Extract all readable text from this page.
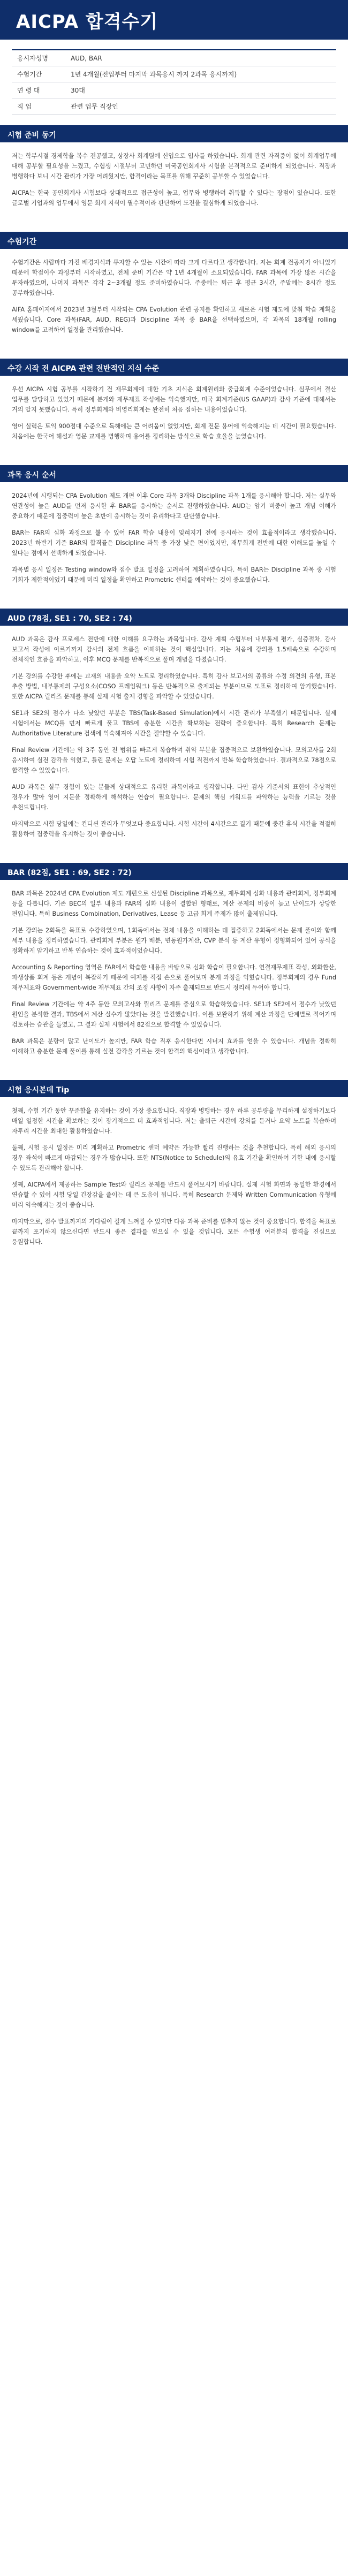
AICPA 합격수기
응시자성명	AUD, BAR
수험기간	1년 4개월(전업부터 마지막 과목응시 까지 2과목 응시까지)
연 령 대	30대
직 업	관련 업무 직장인
시험 준비 동기

저는 학부시절 경제학을 복수 전공했고, 상장사 회계팀에 신입으로 입사를 하였습니다. 회계 관련 자격증이 없어 회계업무에 대해 공부할 필요성을 느꼈고, 수험생 시절부터 고민하던 미국공인회계사 시험을 본격적으로 준비하게 되었습니다. 직장과 병행하다 보니 시간 관리가 가장 어려웠지만, 합격이라는 목표를 위해 꾸준히 공부할 수 있었습니다.

AICPA는 한국 공인회계사 시험보다 상대적으로 접근성이 높고, 업무와 병행하며 취득할 수 있다는 장점이 있습니다. 또한 글로벌 기업과의 업무에서 영문 회계 지식이 필수적이라 판단하여 도전을 결심하게 되었습니다.

수험기간

수험기간은 사람마다 가진 배경지식과 투자할 수 있는 시간에 따라 크게 다르다고 생각합니다. 저는 회계 전공자가 아니었기 때문에 학점이수 과정부터 시작하였고, 전체 준비 기간은 약 1년 4개월이 소요되었습니다. FAR 과목에 가장 많은 시간을 투자하였으며, 나머지 과목은 각각 2~3개월 정도 준비하였습니다. 주중에는 퇴근 후 평균 3시간, 주말에는 8시간 정도 공부하였습니다.

AIFA 홈페이지에서 2023년 3월부터 시작되는 CPA Evolution 관련 공지를 확인하고 새로운 시험 제도에 맞춰 학습 계획을 세웠습니다. Core 과목(FAR, AUD, REG)과 Discipline 과목 중 BAR을 선택하였으며, 각 과목의 18개월 rolling window를 고려하여 일정을 관리했습니다.

수강 시작 전 AICPA 관련 전반적인 지식 수준

우선 AICPA 시험 공부를 시작하기 전 재무회계에 대한 기초 지식은 회계원리와 중급회계 수준이었습니다. 실무에서 결산 업무를 담당하고 있었기 때문에 분개와 재무제표 작성에는 익숙했지만, 미국 회계기준(US GAAP)과 감사 기준에 대해서는 거의 알지 못했습니다. 특히 정부회계와 비영리회계는 완전히 처음 접하는 내용이었습니다.

영어 실력은 토익 900점대 수준으로 독해에는 큰 어려움이 없었지만, 회계 전문 용어에 익숙해지는 데 시간이 필요했습니다. 처음에는 한국어 해설과 영문 교재를 병행하며 용어를 정리하는 방식으로 학습 효율을 높였습니다.

과목 응시 순서

2024년에 시행되는 CPA Evolution 제도 개편 이후 Core 과목 3개와 Discipline 과목 1개를 응시해야 합니다. 저는 실무와 연관성이 높은 AUD를 먼저 응시한 후 BAR를 응시하는 순서로 진행하였습니다. AUD는 암기 비중이 높고 개념 이해가 중요하기 때문에 집중력이 높은 초반에 응시하는 것이 유리하다고 판단했습니다.

BAR는 FAR의 심화 과정으로 볼 수 있어 FAR 학습 내용이 잊혀지기 전에 응시하는 것이 효율적이라고 생각했습니다. 2023년 하반기 기준 BAR의 합격률은 Discipline 과목 중 가장 낮은 편이었지만, 재무회계 전반에 대한 이해도를 높일 수 있다는 점에서 선택하게 되었습니다.

과목별 응시 일정은 Testing window와 점수 발표 일정을 고려하여 계획하였습니다. 특히 BAR는 Discipline 과목 중 시험 기회가 제한적이었기 때문에 미리 일정을 확인하고 Prometric 센터를 예약하는 것이 중요했습니다.

AUD (78점, SE1 : 70, SE2 : 74)

AUD 과목은 감사 프로세스 전반에 대한 이해를 요구하는 과목입니다. 감사 계획 수립부터 내부통제 평가, 실증절차, 감사 보고서 작성에 이르기까지 감사의 전체 흐름을 이해하는 것이 핵심입니다. 저는 처음에 강의를 1.5배속으로 수강하며 전체적인 흐름을 파악하고, 이후 MCQ 문제를 반복적으로 풀며 개념을 다졌습니다.

기본 강의를 수강한 후에는 교재의 내용을 요약 노트로 정리하였습니다. 특히 감사 보고서의 종류와 수정 의견의 유형, 표본 추출 방법, 내부통제의 구성요소(COSO 프레임워크) 등은 반복적으로 출제되는 부분이므로 도표로 정리하여 암기했습니다. 또한 AICPA 릴리즈 문제를 통해 실제 시험 출제 경향을 파악할 수 있었습니다.

SE1과 SE2의 점수가 다소 낮았던 부분은 TBS(Task-Based Simulation)에서 시간 관리가 부족했기 때문입니다. 실제 시험에서는 MCQ를 먼저 빠르게 풀고 TBS에 충분한 시간을 확보하는 전략이 중요합니다. 특히 Research 문제는 Authoritative Literature 검색에 익숙해져야 시간을 절약할 수 있습니다.

Final Review 기간에는 약 3주 동안 전 범위를 빠르게 복습하며 취약 부분을 집중적으로 보완하였습니다. 모의고사를 2회 응시하여 실전 감각을 익혔고, 틀린 문제는 오답 노트에 정리하여 시험 직전까지 반복 학습하였습니다. 결과적으로 78점으로 합격할 수 있었습니다.

AUD 과목은 실무 경험이 있는 분들께 상대적으로 유리한 과목이라고 생각합니다. 다만 감사 기준서의 표현이 추상적인 경우가 많아 영어 지문을 정확하게 해석하는 연습이 필요합니다. 문제의 핵심 키워드를 파악하는 능력을 기르는 것을 추천드립니다.

마지막으로 시험 당일에는 컨디션 관리가 무엇보다 중요합니다. 시험 시간이 4시간으로 길기 때문에 중간 휴식 시간을 적절히 활용하여 집중력을 유지하는 것이 좋습니다.

BAR (82점, SE1 : 69, SE2 : 72)

BAR 과목은 2024년 CPA Evolution 제도 개편으로 신설된 Discipline 과목으로, 재무회계 심화 내용과 관리회계, 정부회계 등을 다룹니다. 기존 BEC의 일부 내용과 FAR의 심화 내용이 결합된 형태로, 계산 문제의 비중이 높고 난이도가 상당한 편입니다. 특히 Business Combination, Derivatives, Lease 등 고급 회계 주제가 많이 출제됩니다.

기본 강의는 2회독을 목표로 수강하였으며, 1회독에서는 전체 내용을 이해하는 데 집중하고 2회독에서는 문제 풀이와 함께 세부 내용을 정리하였습니다. 관리회계 부분은 원가 배분, 변동원가계산, CVP 분석 등 계산 유형이 정형화되어 있어 공식을 정확하게 암기하고 반복 연습하는 것이 효과적이었습니다.

Accounting & Reporting 영역은 FAR에서 학습한 내용을 바탕으로 심화 학습이 필요합니다. 연결재무제표 작성, 외화환산, 파생상품 회계 등은 개념이 복잡하기 때문에 예제를 직접 손으로 풀어보며 분개 과정을 익혔습니다. 정부회계의 경우 Fund 재무제표와 Government-wide 재무제표 간의 조정 사항이 자주 출제되므로 반드시 정리해 두어야 합니다.

Final Review 기간에는 약 4주 동안 모의고사와 릴리즈 문제를 중심으로 학습하였습니다. SE1과 SE2에서 점수가 낮았던 원인을 분석한 결과, TBS에서 계산 실수가 많았다는 것을 발견했습니다. 이를 보완하기 위해 계산 과정을 단계별로 적어가며 검토하는 습관을 들였고, 그 결과 실제 시험에서 82점으로 합격할 수 있었습니다.

BAR 과목은 분량이 많고 난이도가 높지만, FAR 학습 직후 응시한다면 시너지 효과를 얻을 수 있습니다. 개념을 정확히 이해하고 충분한 문제 풀이를 통해 실전 감각을 기르는 것이 합격의 핵심이라고 생각합니다.

시험 응시본데 Tip

첫째, 수험 기간 동안 꾸준함을 유지하는 것이 가장 중요합니다. 직장과 병행하는 경우 하루 공부량을 무리하게 설정하기보다 매일 일정한 시간을 확보하는 것이 장기적으로 더 효과적입니다. 저는 출퇴근 시간에 강의를 듣거나 요약 노트를 복습하며 자투리 시간을 최대한 활용하였습니다.

둘째, 시험 응시 일정은 미리 계획하고 Prometric 센터 예약은 가능한 빨리 진행하는 것을 추천합니다. 특히 해외 응시의 경우 좌석이 빠르게 마감되는 경우가 많습니다. 또한 NTS(Notice to Schedule)의 유효 기간을 확인하여 기한 내에 응시할 수 있도록 관리해야 합니다.

셋째, AICPA에서 제공하는 Sample Test와 릴리즈 문제를 반드시 풀어보시기 바랍니다. 실제 시험 화면과 동일한 환경에서 연습할 수 있어 시험 당일 긴장감을 줄이는 데 큰 도움이 됩니다. 특히 Research 문제와 Written Communication 유형에 미리 익숙해지는 것이 좋습니다.

마지막으로, 점수 발표까지의 기다림이 길게 느껴질 수 있지만 다음 과목 준비를 멈추지 않는 것이 중요합니다. 합격을 목표로 끝까지 포기하지 않으신다면 반드시 좋은 결과를 얻으실 수 있을 것입니다. 모든 수험생 여러분의 합격을 진심으로 응원합니다.
